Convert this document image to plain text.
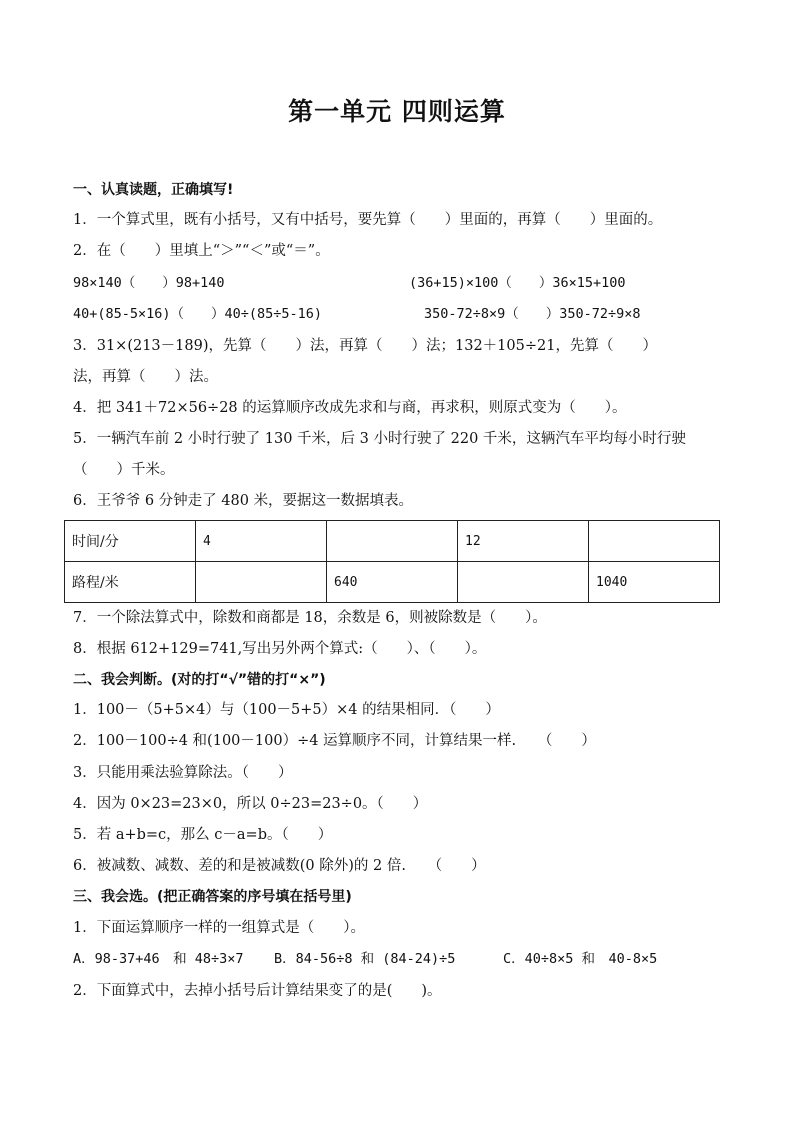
第一单元 四则运算
一、认真读题，正确填写!
1．一个算式里，既有小括号，又有中括号，要先算（　　）里面的，再算（　　）里面的。
2．在（　　）里填上“＞”“＜”或“＝”。
98×140（　　）98+140	(36+15)×100（　　）36×15+100
40+(85-5×16)（　　）40÷(85÷5-16)	350-72÷8×9（　　）350-72÷9×8
3．31×(213－189)，先算（　　）法，再算（　　）法；132＋105÷21，先算（　　）
法，再算（　　）法。
4．把 341＋72×56÷28 的运算顺序改成先求和与商，再求积，则原式变为（　　）。
5．一辆汽车前 2 小时行驶了 130 千米，后 3 小时行驶了 220 千米，这辆汽车平均每小时行驶
（　　）千米。
6．王爷爷 6 分钟走了 480 米，要据这一数据填表。
时间/分	4		12	
路程/米		640		1040
7．一个除法算式中，除数和商都是 18，余数是 6，则被除数是（　　）。
8．根据 612+129=741,写出另外两个算式:（　　）、（　　）。
二、我会判断。(对的打“√”错的打“×”)
1．100－（5+5×4）与（100－5+5）×4 的结果相同．（　　）
2．100－100÷4 和(100－100）÷4 运算顺序不同，计算结果一样.　　（　　）
3．只能用乘法验算除法。（　　）
4．因为 0×23=23×0，所以 0÷23=23÷0。（　　）
5．若 a+b=c，那么 c－a=b。（　　）
6．被减数、减数、差的和是被减数(0 除外)的 2 倍.　　（　　）
三、我会选。(把正确答案的序号填在括号里)
1．下面运算顺序一样的一组算式是（　　）。
A．98-37+46　和 48÷3×7 B．84-56÷8 和 (84-24)÷5	C．40÷8×5 和　40-8×5
2．下面算式中，去掉小括号后计算结果变了的是(　　)。
